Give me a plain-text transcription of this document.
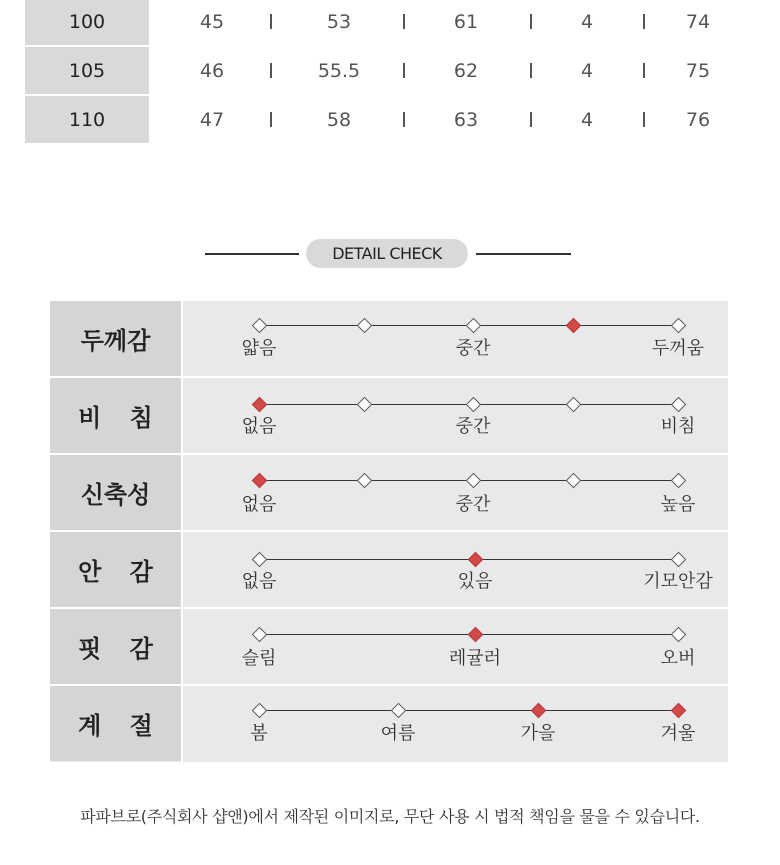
100	45	53	61	4	74
105	46	55.5	62	4	75
110	47	58	63	4	76
DETAIL CHECK
두께감	얇음	중간	두꺼움
비 침	없음	중간	비침
신축성	없음	중간	높음
안 감	없음	있음	기모안감
핏 감	슬림	레귤러	오버
계 절	봄	여름	가을	겨울
파파브로(주식회사 샵앤)에서 제작된 이미지로, 무단 사용 시 법적 책임을 물을 수 있습니다.
